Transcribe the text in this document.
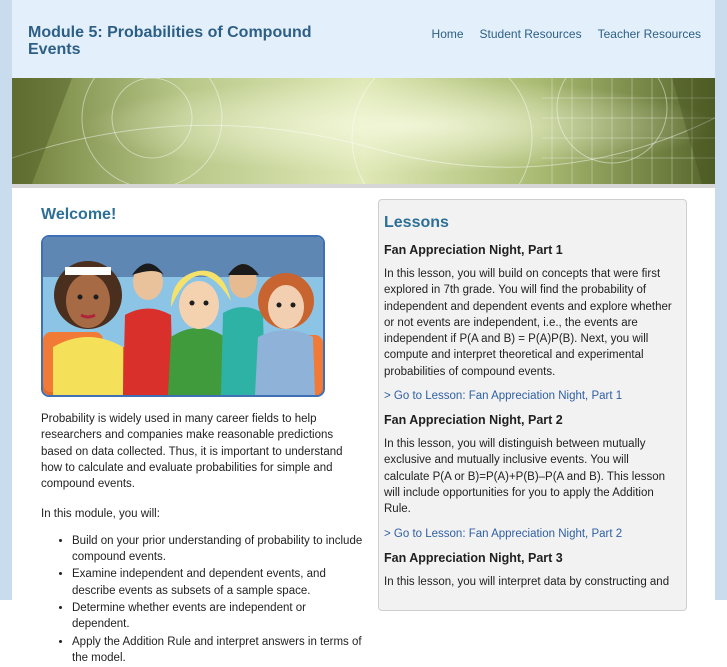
Module 5: Probabilities of Compound Events
Home Student Resources Teacher Resources
Welcome!

Probability is widely used in many career fields to help researchers and companies make reasonable predictions based on data collected. Thus, it is important to understand how to calculate and evaluate probabilities for simple and compound events.

In this module, you will:

• Build on your prior understanding of probability to include compound events.
• Examine independent and dependent events, and describe events as subsets of a sample space.
• Determine whether events are independent or dependent.
• Apply the Addition Rule and interpret answers in terms of the model.
Lessons
Fan Appreciation Night, Part 1

In this lesson, you will build on concepts that were first explored in 7th grade. You will find the probability of independent and dependent events and explore whether or not events are independent, i.e., the events are independent if P(A and B) = P(A)P(B). Next, you will compute and interpret theoretical and experimental probabilities of compound events.

> Go to Lesson: Fan Appreciation Night, Part 1
Fan Appreciation Night, Part 2

In this lesson, you will distinguish between mutually exclusive and mutually inclusive events. You will calculate P(A or B)=P(A)+P(B)–P(A and B). This lesson will include opportunities for you to apply the Addition Rule.

> Go to Lesson: Fan Appreciation Night, Part 2
Fan Appreciation Night, Part 3

In this lesson, you will interpret data by constructing and
